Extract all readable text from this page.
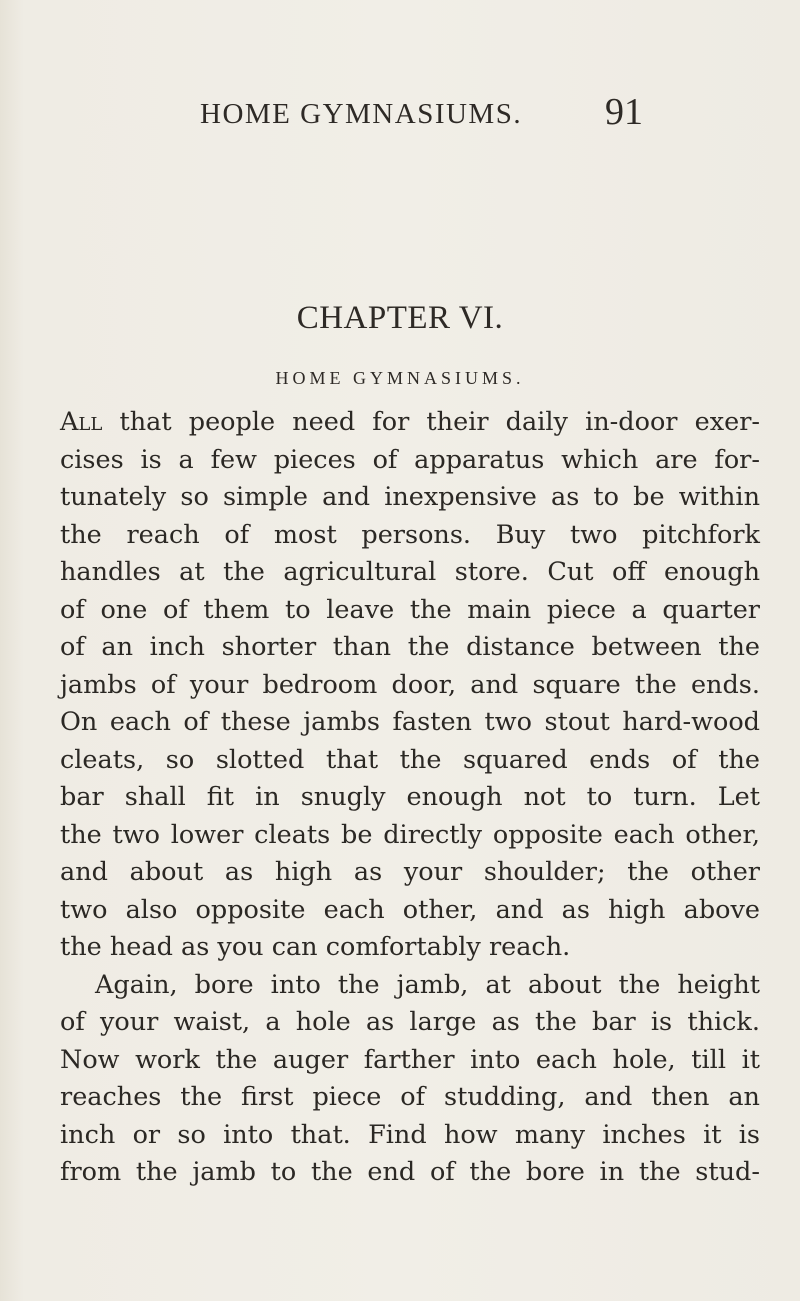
HOME GYMNASIUMS. 91
CHAPTER VI.
HOME GYMNASIUMS.
All that people need for their daily in-door exer-
cises is a few pieces of apparatus which are for-
tunately so simple and inexpensive as to be within
the reach of most persons. Buy two pitchfork
handles at the agricultural store. Cut off enough
of one of them to leave the main piece a quarter
of an inch shorter than the distance between the
jambs of your bedroom door, and square the ends.
On each of these jambs fasten two stout hard-wood
cleats, so slotted that the squared ends of the
bar shall fit in snugly enough not to turn. Let
the two lower cleats be directly opposite each other,
and about as high as your shoulder; the other
two also opposite each other, and as high above
the head as you can comfortably reach.
Again, bore into the jamb, at about the height
of your waist, a hole as large as the bar is thick.
Now work the auger farther into each hole, till it
reaches the first piece of studding, and then an
inch or so into that. Find how many inches it is
from the jamb to the end of the bore in the stud-
